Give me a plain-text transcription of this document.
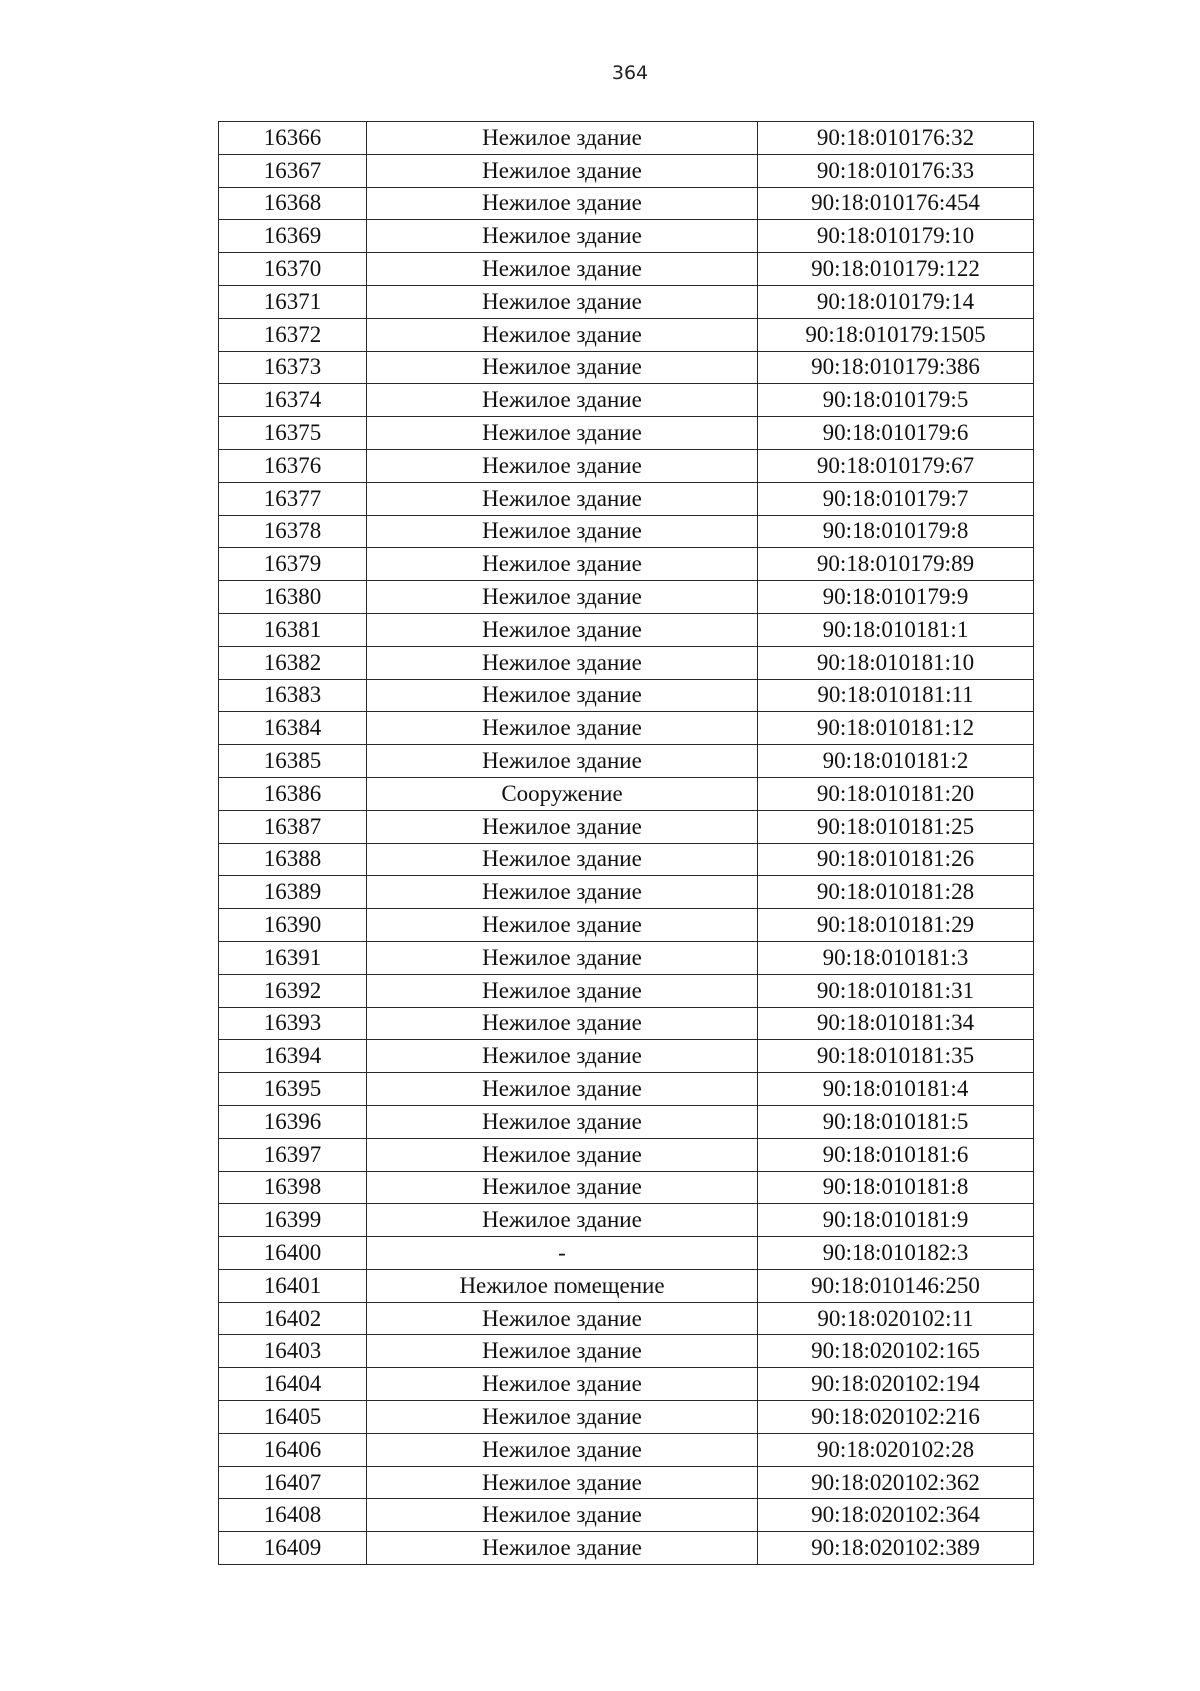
364
16366	Нежилое здание	90:18:010176:32
16367	Нежилое здание	90:18:010176:33
16368	Нежилое здание	90:18:010176:454
16369	Нежилое здание	90:18:010179:10
16370	Нежилое здание	90:18:010179:122
16371	Нежилое здание	90:18:010179:14
16372	Нежилое здание	90:18:010179:1505
16373	Нежилое здание	90:18:010179:386
16374	Нежилое здание	90:18:010179:5
16375	Нежилое здание	90:18:010179:6
16376	Нежилое здание	90:18:010179:67
16377	Нежилое здание	90:18:010179:7
16378	Нежилое здание	90:18:010179:8
16379	Нежилое здание	90:18:010179:89
16380	Нежилое здание	90:18:010179:9
16381	Нежилое здание	90:18:010181:1
16382	Нежилое здание	90:18:010181:10
16383	Нежилое здание	90:18:010181:11
16384	Нежилое здание	90:18:010181:12
16385	Нежилое здание	90:18:010181:2
16386	Сооружение	90:18:010181:20
16387	Нежилое здание	90:18:010181:25
16388	Нежилое здание	90:18:010181:26
16389	Нежилое здание	90:18:010181:28
16390	Нежилое здание	90:18:010181:29
16391	Нежилое здание	90:18:010181:3
16392	Нежилое здание	90:18:010181:31
16393	Нежилое здание	90:18:010181:34
16394	Нежилое здание	90:18:010181:35
16395	Нежилое здание	90:18:010181:4
16396	Нежилое здание	90:18:010181:5
16397	Нежилое здание	90:18:010181:6
16398	Нежилое здание	90:18:010181:8
16399	Нежилое здание	90:18:010181:9
16400	-	90:18:010182:3
16401	Нежилое помещение	90:18:010146:250
16402	Нежилое здание	90:18:020102:11
16403	Нежилое здание	90:18:020102:165
16404	Нежилое здание	90:18:020102:194
16405	Нежилое здание	90:18:020102:216
16406	Нежилое здание	90:18:020102:28
16407	Нежилое здание	90:18:020102:362
16408	Нежилое здание	90:18:020102:364
16409	Нежилое здание	90:18:020102:389
